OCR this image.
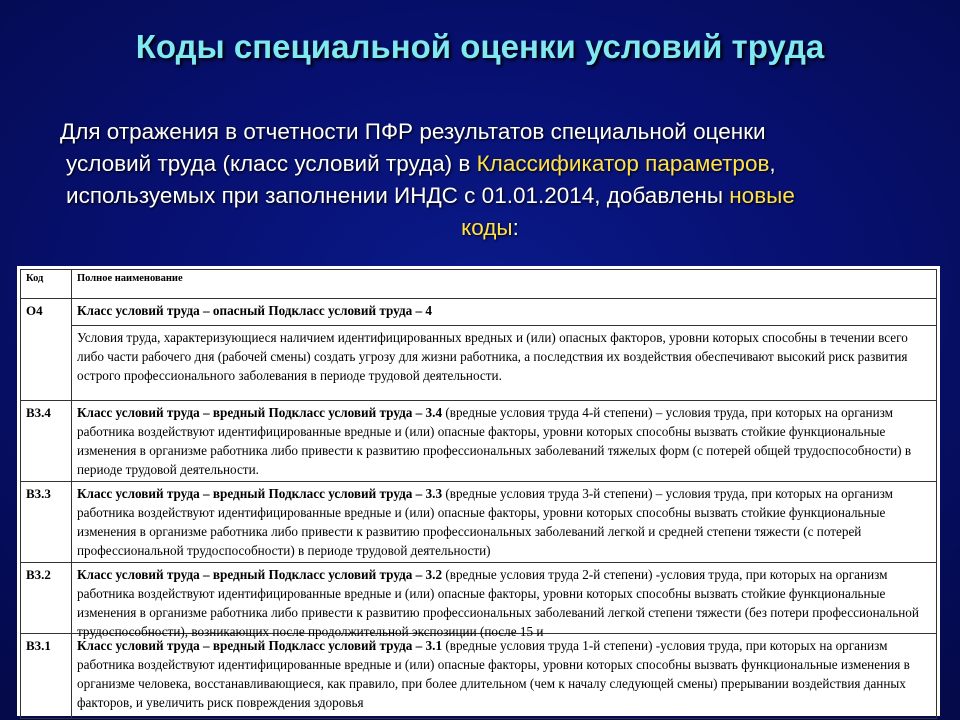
Коды специальной оценки условий труда
Для отражения в отчетности ПФР результатов специальной оценки
условий труда (класс условий труда) в Классификатор параметров,
используемых при заполнении ИНДС с 01.01.2014, добавлены новые
коды:
Код	Полное наименование
О4	Класс условий труда – опасный Подкласс условий труда – 4
	Условия труда, характеризующиеся наличием идентифицированных вредных и (или) опасных факторов, уровни которых способны в течении всего либо части рабочего дня (рабочей смены) создать угрозу для жизни работника, а последствия их воздействия обеспечивают высокий риск развития острого профессионального заболевания в периоде трудовой деятельности.
В3.4	Класс условий труда – вредный Подкласс условий труда – 3.4 (вредные условия труда 4-й степени) – условия труда, при которых на организм работника воздействуют идентифицированные вредные и (или) опасные факторы, уровни которых способны вызвать стойкие функциональные изменения в организме работника либо привести к развитию профессиональных заболеваний тяжелых форм (с потерей общей трудоспособности) в периоде трудовой деятельности.

В3.3	Класс условий труда – вредный Подкласс условий труда – 3.3 (вредные условия труда 3-й степени) – условия труда, при которых на организм работника воздействуют идентифицированные вредные и (или) опасные факторы, уровни которых способны вызвать стойкие функциональные изменения в организме работника либо привести к развитию профессиональных заболеваний легкой и средней степени тяжести (с потерей профессиональной трудоспособности) в периоде трудовой деятельности)

В3.2	Класс условий труда – вредный Подкласс условий труда – 3.2 (вредные условия труда 2-й степени) -условия труда, при которых на организм работника воздействуют идентифицированные вредные и (или) опасные факторы, уровни которых способны вызвать стойкие функциональные изменения в организме работника либо привести к развитию профессиональных заболеваний легкой степени тяжести (без потери профессиональной трудоспособности), возникающих после продолжительной экспозиции (после 15 и

В3.1	Класс условий труда – вредный Подкласс условий труда – 3.1 (вредные условия труда 1-й степени) -условия труда, при которых на организм работника воздействуют идентифицированные вредные и (или) опасные факторы, уровни которых способны вызвать функциональные изменения в организме человека, восстанавливающиеся, как правило, при более длительном (чем к началу следующей смены) прерывании воздействия данных факторов, и увеличить риск повреждения здоровья
